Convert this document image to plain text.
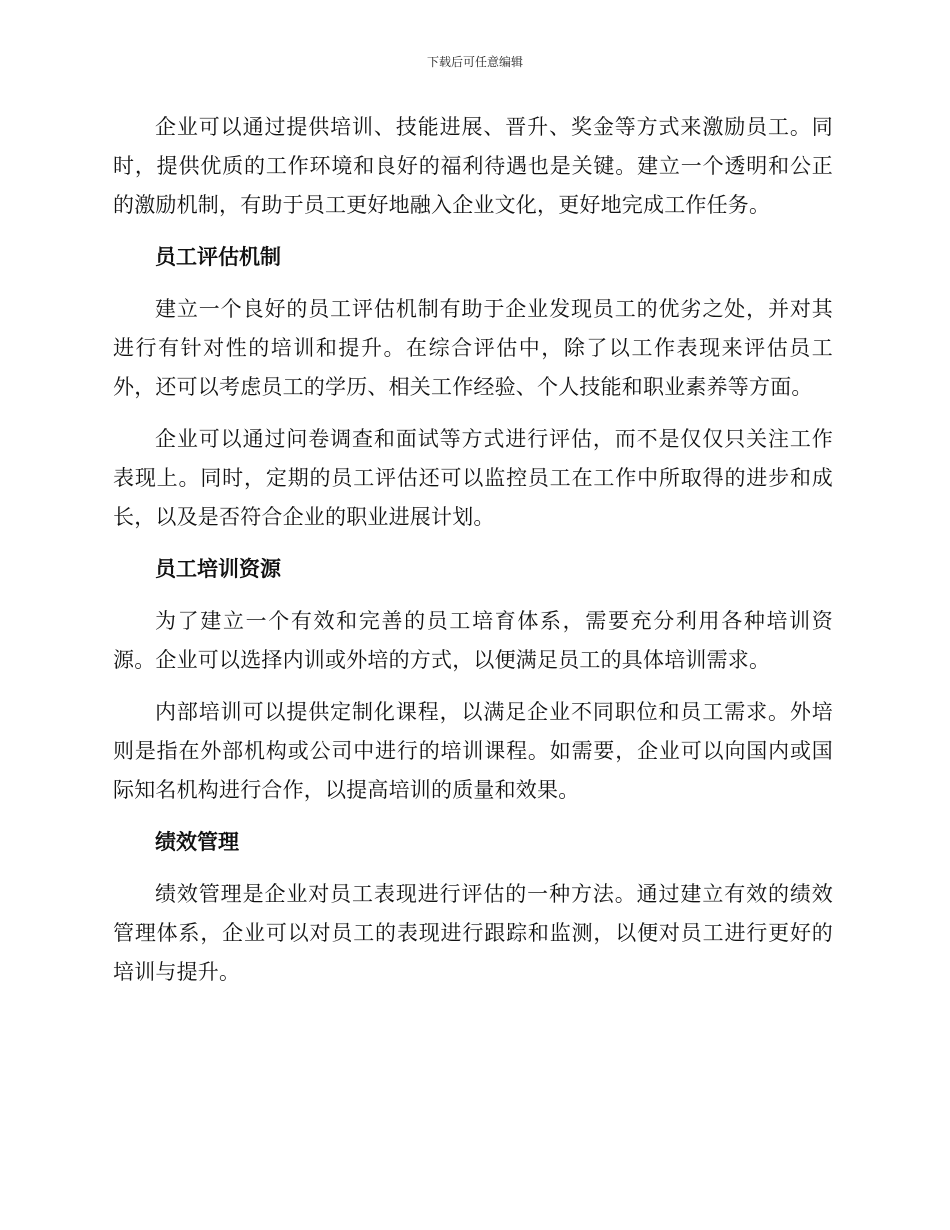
下载后可任意编辑

企业可以通过提供培训、技能进展、晋升、奖金等方式来激励员工。同时，提供优质的工作环境和良好的福利待遇也是关键。建立一个透明和公正的激励机制，有助于员工更好地融入企业文化，更好地完成工作任务。

员工评估机制

建立一个良好的员工评估机制有助于企业发现员工的优劣之处，并对其进行有针对性的培训和提升。在综合评估中，除了以工作表现来评估员工外，还可以考虑员工的学历、相关工作经验、个人技能和职业素养等方面。

企业可以通过问卷调查和面试等方式进行评估，而不是仅仅只关注工作表现上。同时，定期的员工评估还可以监控员工在工作中所取得的进步和成长，以及是否符合企业的职业进展计划。

员工培训资源

为了建立一个有效和完善的员工培育体系，需要充分利用各种培训资源。企业可以选择内训或外培的方式，以便满足员工的具体培训需求。

内部培训可以提供定制化课程，以满足企业不同职位和员工需求。外培则是指在外部机构或公司中进行的培训课程。如需要，企业可以向国内或国际知名机构进行合作，以提高培训的质量和效果。

绩效管理

绩效管理是企业对员工表现进行评估的一种方法。通过建立有效的绩效管理体系，企业可以对员工的表现进行跟踪和监测，以便对员工进行更好的培训与提升。
